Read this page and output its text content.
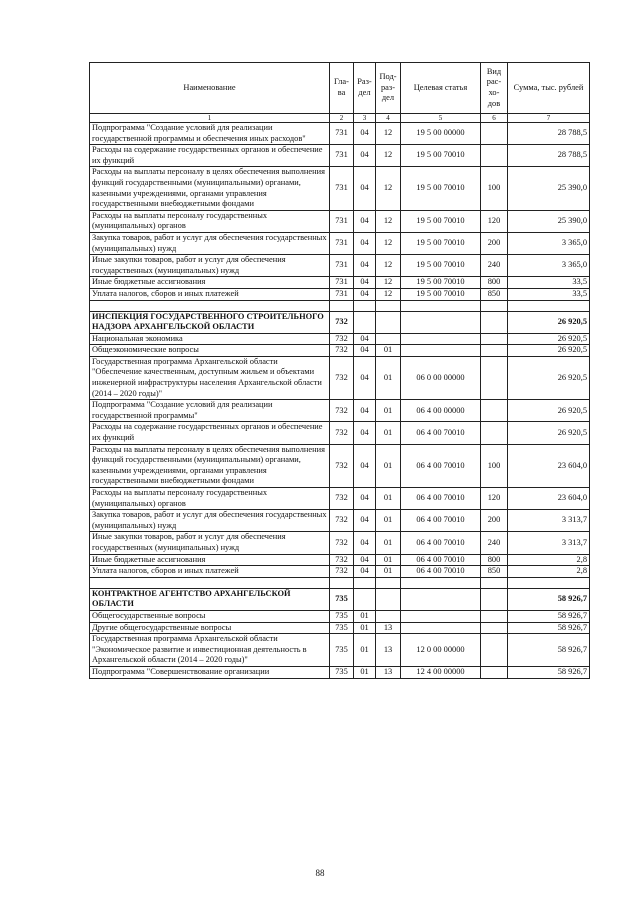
Наименование	Гла-ва	Раз-дел	Под-раз-дел	Целевая статья	Вид рас-хо-дов	Сумма, тыс. рублей
1	2	3	4	5	6	7
Подпрограмма "Создание условий для реализации государственной программы и обеспечения иных расходов"	731	04	12	19 5 00 00000		28 788,5
Расходы на содержание государственных органов и обеспечение их функций	731	04	12	19 5 00 70010		28 788,5
Расходы на выплаты персоналу в целях обеспечения выполнения функций государственными (муниципальными) органами, казенными учреждениями, органами управления государственными внебюджетными фондами	731	04	12	19 5 00 70010	100	25 390,0
Расходы на выплаты персоналу государственных (муниципальных) органов	731	04	12	19 5 00 70010	120	25 390,0
Закупка товаров, работ и услуг для обеспечения государственных (муниципальных) нужд	731	04	12	19 5 00 70010	200	3 365,0
Иные закупки товаров, работ и услуг для обеспечения государственных (муниципальных) нужд	731	04	12	19 5 00 70010	240	3 365,0
Иные бюджетные ассигнования	731	04	12	19 5 00 70010	800	33,5
Уплата налогов, сборов и иных платежей	731	04	12	19 5 00 70010	850	33,5

ИНСПЕКЦИЯ ГОСУДАРСТВЕННОГО СТРОИТЕЛЬНОГО НАДЗОРА АРХАНГЕЛЬСКОЙ ОБЛАСТИ	732					26 920,5
Национальная экономика	732	04				26 920,5
Общеэкономические вопросы	732	04	01			26 920,5
Государственная программа Архангельской области "Обеспечение качественным, доступным жильем и объектами инженерной инфраструктуры населения Архангельской области (2014 – 2020 годы)"	732	04	01	06 0 00 00000		26 920,5
Подпрограмма "Создание условий для реализации государственной программы"	732	04	01	06 4 00 00000		26 920,5
Расходы на содержание государственных органов и обеспечение их функций	732	04	01	06 4 00 70010		26 920,5
Расходы на выплаты персоналу в целях обеспечения выполнения функций государственными (муниципальными) органами, казенными учреждениями, органами управления государственными внебюджетными фондами	732	04	01	06 4 00 70010	100	23 604,0
Расходы на выплаты персоналу государственных (муниципальных) органов	732	04	01	06 4 00 70010	120	23 604,0
Закупка товаров, работ и услуг для обеспечения государственных (муниципальных) нужд	732	04	01	06 4 00 70010	200	3 313,7
Иные закупки товаров, работ и услуг для обеспечения государственных (муниципальных) нужд	732	04	01	06 4 00 70010	240	3 313,7
Иные бюджетные ассигнования	732	04	01	06 4 00 70010	800	2,8
Уплата налогов, сборов и иных платежей	732	04	01	06 4 00 70010	850	2,8

КОНТРАКТНОЕ АГЕНТСТВО АРХАНГЕЛЬСКОЙ ОБЛАСТИ	735					58 926,7
Общегосударственные вопросы	735	01				58 926,7
Другие общегосударственные вопросы	735	01	13			58 926,7
Государственная программа Архангельской области "Экономическое развитие и инвестиционная деятельность в Архангельской области (2014 – 2020 годы)"	735	01	13	12 0 00 00000		58 926,7
Подпрограмма "Совершенствование организации	735	01	13	12 4 00 00000		58 926,7
88
